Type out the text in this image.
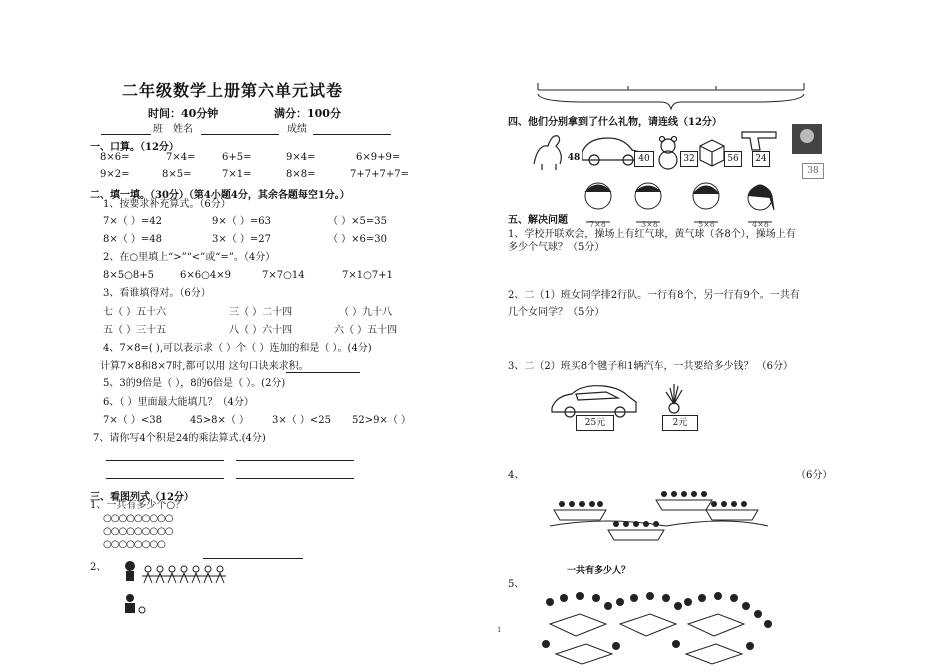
二年级数学上册第六单元试卷
时间：40分钟	满分：100分
班 姓名	成绩
一、口算。（12分）
8×6=	7×4=	6+5=	9×4=	6×9+9=
9×2=	8×5=	7×1=	8×8=	7+7+7+7=
二、填一填。（30分）（第4小题4分，其余各题每空1分。）
1、按要求补充算式。（6分）
7×（ ）=42	9×（ ）=63	（ ）×5=35
8×（ ）=48	3×（ ）=27	（ ）×6=30
2、在○里填上“>”“<”或“=”。（4分）
8×5○8+5	6×6○4×9	7×7○14	7×1○7+1
3、看谁填得对。（6分）
七（ ）五十六	三（ ）二十四	（ ）九十八
五（ ）三十五	八（ ）六十四	六（ ）五十四
4、7×8=( ),可以表示求（ ）个（ ）连加的和是（ ）。(4分)
计算7×8和8×7时,都可以用 这句口诀来求积。
5、3的9倍是（ ），8的6倍是（ ）。(2分)
6、（ ）里面最大能填几？（4分）
7×（ ）<38	45>8×（ ） 3×（ ）<25 52>9×（ ）
7、请你写4个积是24的乘法算式.(4分)
三、看图列式（12分）
1、一共有多少个○？
○○○○○○○○○
○○○○○○○○○
○○○○○○○○
2、
四、他们分别拿到了什么礼物，请连线（12分）
48	40	32	56	24
38
7×8	3×8	5×8	4×8
五、解决问题
1、学校开联欢会，操场上有红气球，黄气球（各8个），操场上有
多少个气球？（5分）
2、二（1）班女同学排2行队。一行有8个，另一行有9个。一共有
几个女同学？（5分）
3、二（2）班买8个毽子和1辆汽车，一共要给多少钱？ （6分）
25元	2元
4、	（6分）
一共有多少人？
5、
1
